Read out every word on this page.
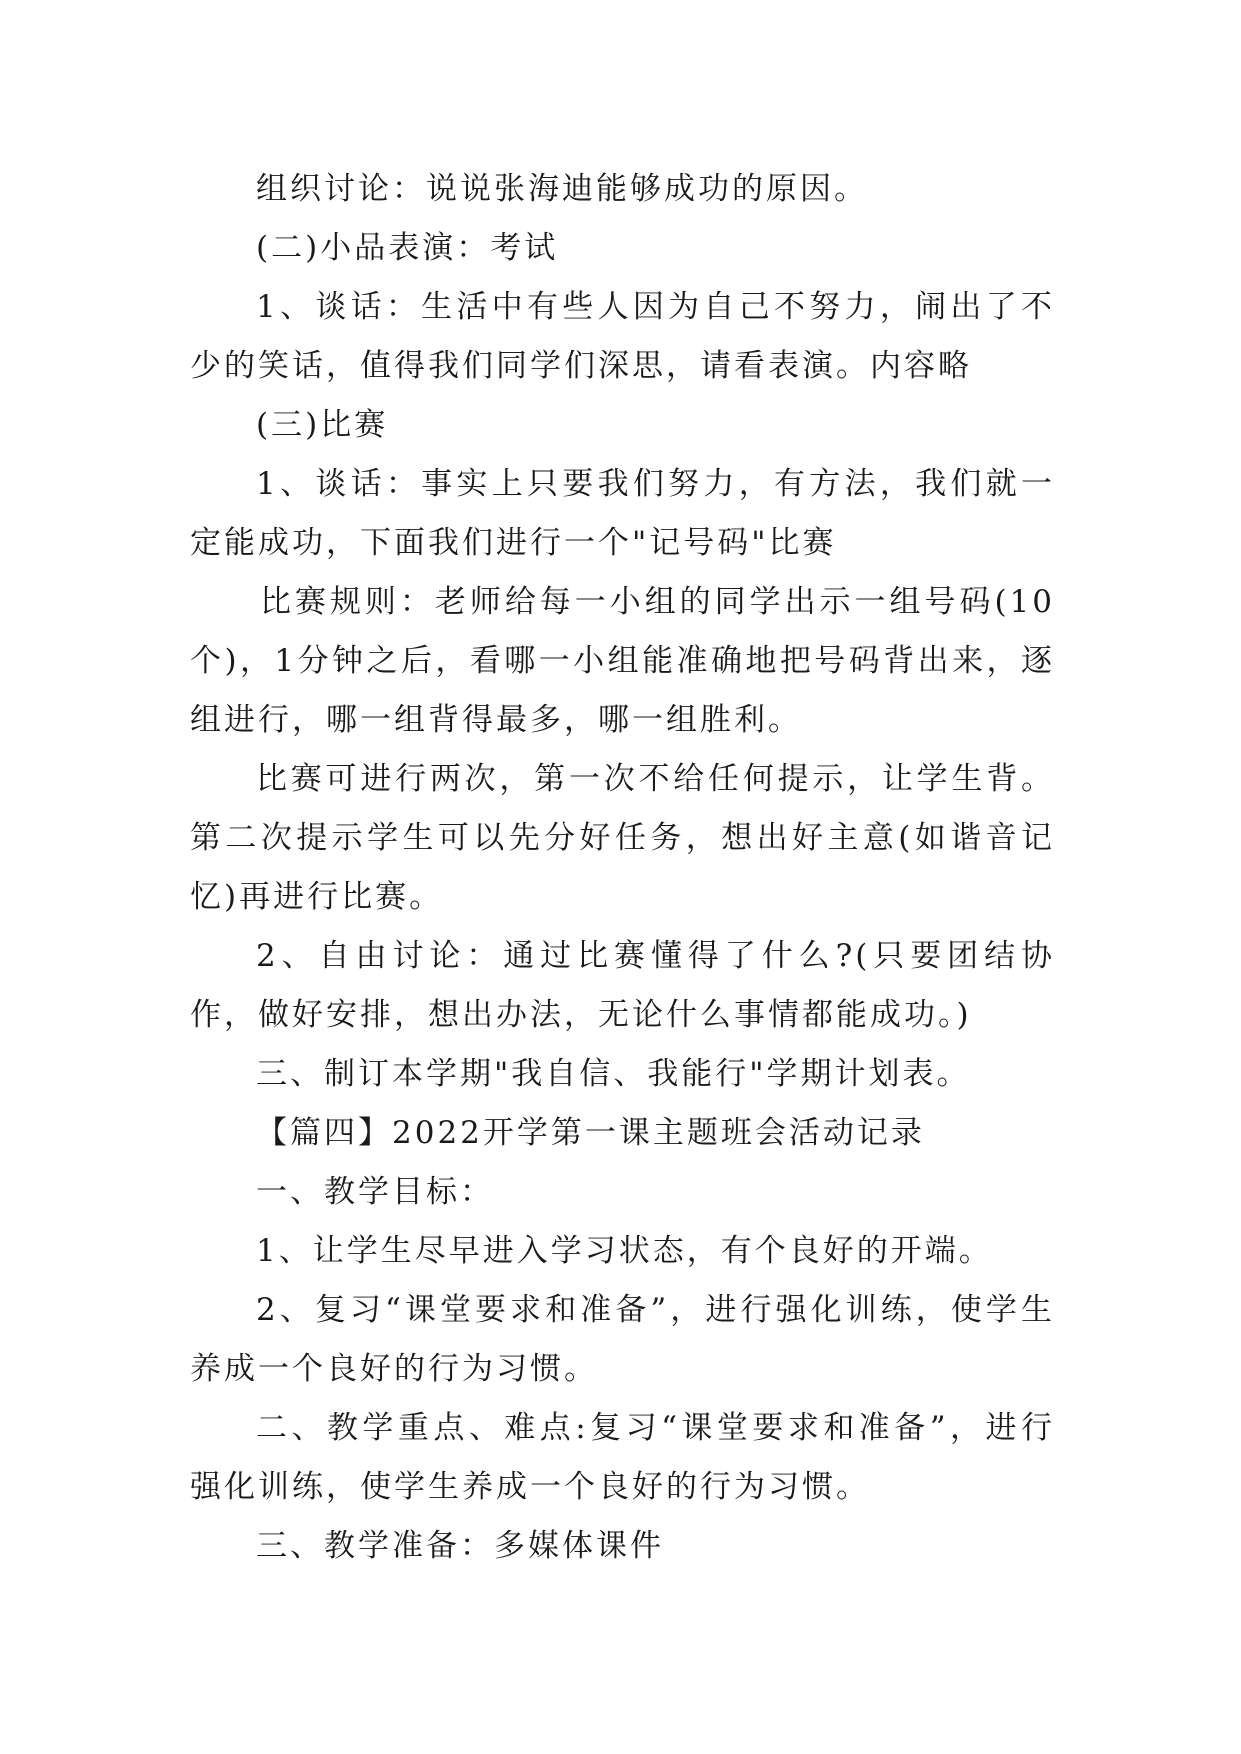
组织讨论：说说张海迪能够成功的原因。

(二)小品表演：考试

1、谈话：生活中有些人因为自己不努力，闹出了不少的笑话，值得我们同学们深思，请看表演。内容略

(三)比赛

1、谈话：事实上只要我们努力，有方法，我们就一定能成功，下面我们进行一个"记号码"比赛

比赛规则：老师给每一小组的同学出示一组号码(10个)，1分钟之后，看哪一小组能准确地把号码背出来，逐组进行，哪一组背得最多，哪一组胜利。

比赛可进行两次，第一次不给任何提示，让学生背。第二次提示学生可以先分好任务，想出好主意(如谐音记忆)再进行比赛。

2、自由讨论：通过比赛懂得了什么?(只要团结协作，做好安排，想出办法，无论什么事情都能成功。)

三、制订本学期"我自信、我能行"学期计划表。

【篇四】2022开学第一课主题班会活动记录

一、教学目标：

1、让学生尽早进入学习状态，有个良好的开端。

2、复习“课堂要求和准备”，进行强化训练，使学生养成一个良好的行为习惯。

二、教学重点、难点:复习“课堂要求和准备”，进行强化训练，使学生养成一个良好的行为习惯。

三、教学准备：多媒体课件
